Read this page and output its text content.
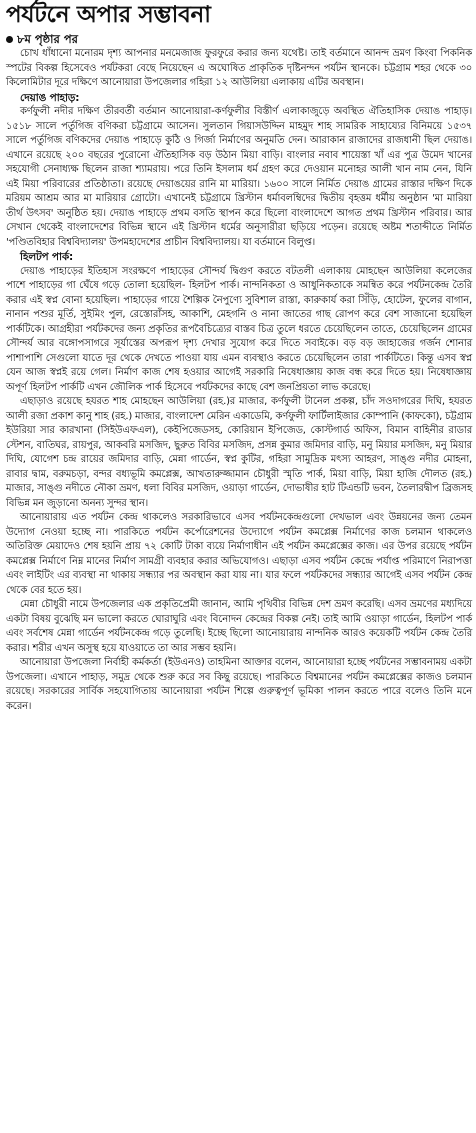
পর্যটনে অপার সম্ভাবনা
৮ম পৃষ্ঠার পর

চোখ ধাঁধানো মনোরম দৃশ্য আপনার মনমেজাজ ফুরফুরে করার জন্য যথেষ্ট। তাই বর্তমানে আনন্দ ভ্রমণ কিংবা পিকনিক স্পটের বিকল্প হিসেবেও পর্যটকরা বেছে নিয়েছেন এ অঘোষিত প্রাকৃতিক দৃষ্টিনন্দন পর্যটন স্থানকে। চট্টগ্রাম শহর থেকে ৩০ কিলোমিটার দূরে দক্ষিণে আনোয়ারা উপজেলার গহিরা ১২ আউলিয়া এলাকায় এটির অবস্থান।

দেয়াঙ পাহাড়:

কর্ণফুলী নদীর দক্ষিণ তীরবর্তী বর্তমান আনোয়ারা-কর্ণফুলীর বিস্তীর্ণ এলাকাজুড়ে অবস্থিত ঐতিহাসিক দেয়াঙ পাহাড়। ১৫১৮ সালে পর্তুগিজ বণিকরা চট্টগ্রামে আসেন। সুলতান গিয়াসউদ্দিন মাহমুদ শাহ সামরিক সাহায্যের বিনিময়ে ১৫৩৭ সালে পর্তুগিজ বণিকদের দেয়াঙ পাহাড়ে কুঠি ও গির্জা নির্মাণের অনুমতি দেন। আরাকান রাজাদের রাজধানী ছিল দেয়াঙ। এখানে রয়েছে ২০০ বছরের পুরোনো ঐতিহাসিক বড় উঠান মিয়া বাড়ি। বাংলার নবাব শায়েস্তা খাঁ এর পুত্র উমেদ খানের সহযোগী সেনাধ্যক্ষ ছিলেন রাজা শ্যামরায়। পরে তিনি ইসলাম ধর্ম গ্রহণ করে দেওয়ান মনোহর আলী খান নাম নেন, যিনি এই মিয়া পরিবারের প্রতিষ্ঠাতা। রয়েছে দেয়াঙয়ের রানি মা মারিয়া। ১৬০০ সালে নির্মিত দেয়াঙ গ্রামের রাস্তার দক্ষিণ দিকে মরিয়ম আশ্রম আর মা মারিয়ার গ্রোটো। এখানেই চট্টগ্রামে খ্রিস্টান ধর্মাবলম্বিদের দ্বিতীয় বৃহত্তম ধর্মীয় অনুষ্ঠান 'মা মারিয়া তীর্থ উৎসব' অনুষ্ঠিত হয়। দেয়াঙ পাহাড়ে প্রথম বসতি স্থাপন করে ছিলো বাংলাদেশে আগত প্রথম খ্রিস্টান পরিবার। আর সেখান থেকেই বাংলাদেশের বিভিন্ন স্থানে এই খ্রিস্টান ধর্মের অনুসারীরা ছড়িয়ে পড়েন। রয়েছে অষ্টম শতাব্দীতে নির্মিত 'পণ্ডিতবিহার বিশ্ববিদ্যালয়' উপমহাদেশের প্রাচীন বিশ্ববিদ্যালয়। যা বর্তমানে বিলুপ্ত।

হিলটপ পার্ক:

দেয়াঙ পাহাড়ের ইতিহাস সংরক্ষণে পাহাড়ের সৌন্দর্য দ্বিগুণ করতে বটতলী এলাকায় মোহছেন আউলিয়া কলেজের পাশে পাহাড়ের গা ঘেঁষে গড়ে তোলা হয়েছিল- হিলটপ পার্ক। নান্দনিকতা ও আধুনিকতাকে সমন্বিত করে পর্যটনকেন্দ্র তৈরি করার এই স্বপ্ন বোনা হয়েছিল। পাহাড়ের গায়ে শৈল্পিক নৈপুণ্যে সুবিশাল রাস্তা, কারুকার্য করা সিঁড়ি, হোটেল, ফুলের বাগান, নানান পশুর মূর্তি, সুইমিং পুল, রেস্তোরাঁসহ, আকাশি, মেহগনি ও নানা জাতের গাছ রোপণ করে বেশ সাজানো হয়েছিল পার্কটিকে। আগ্রহীরা পর্যটকদের জন্য প্রকৃতির রূপবৈচিত্র্যের বাস্তব চিত্র তুলে ধরতে চেয়েছিলেন তাতে, চেয়েছিলেন গ্রামের সৌন্দর্য আর বঙ্গোপসাগরে সূর্যাস্তের অপরূপ দৃশ্য দেখার সুযোগ করে দিতে সবাইকে। বড় বড় জাহাজের গর্জন শোনার পাশাপাশি সেগুলো যাতে দূর থেকে দেখতে পাওয়া যায় এমন ব্যবস্থাও করতে চেয়েছিলেন তারা পার্কটিতে। কিন্তু এসব স্বপ্ন যেন আজ স্বপ্নই রয়ে গেল। নির্মাণ কাজ শেষ হওয়ার আগেই সরকারি নিষেধাজ্ঞায় কাজ বন্ধ করে দিতে হয়। নিষেধাজ্ঞায় অপূর্ণ হিলটপ পার্কটি এখন জৌলিক পার্ক হিসেবে পর্যটকদের কাছে বেশ জনপ্রিয়তা লাভ করেছে।

এছাড়াও রয়েছে হযরত শাহ মোহছেন আউলিয়া (রহ.)র মাজার, কর্ণফুলী টানেল প্রকল্প, চাঁদ সওদাগরের দিঘি, হযরত আলী রজা প্রকাশ কানু শাহ (রহ.) মাজার, বাংলাদেশ মেরিন একাডেমি, কর্ণফুলী ফার্টিলাইজার কোম্পানি (কাফকো), চট্টগ্রাম ইউরিয়া সার কারখানা (সিইউএফএল), কেইপিজেডসহ, কোরিয়ান ইপিজেড, কোস্টগার্ড অফিস, বিমান বাহিনীর রাডার স্টেশন, বাতিঘর, রায়পুর, আকবরি মসজিদ, ছুরুত বিবির মসজিদ, প্রসন্ন কুমার জমিদার বাড়ি, মনু মিয়ার মসজিদ, মনু মিয়ার দিঘি, যোগেশ চন্দ্র রায়ের জমিদার বাড়ি, মেন্না গার্ডেন, স্বপ্ন কুটির, গহিরা সামুদ্রিক মৎস্য আহরণ, সাঙ্গু নদীর মোহনা, রাবার দ্বাম, বরুমচড়া, বন্দর বধ্যভূমি কমপ্লেক্স, আখতারুজ্জামান চৌধুরী স্মৃতি পার্ক, মিয়া বাড়ি, মিয়া হাজি দৌলত (রহ.) মাজার, সাঙ্গু নদীতে নৌকা ভ্রমণ, ধলা বিবির মসজিদ, ওয়াড়া গার্ডেন, দোভাষীর হাট টিএন্ডটি ভবন, তৈলারদ্বীপ ব্রিজসহ বিভিন্ন মন জুড়ানো অনন্য সুন্দর স্থান।

আনোয়ারায় এত পর্যটন কেন্দ্র থাকলেও সরকারিভাবে এসব পর্যটনকেন্দ্রগুলো দেখভাল এবং উন্নয়নের জন্য তেমন উদ্যোগ নেওয়া হচ্ছে না। পারকিতে পর্যটন কর্পোরেশনের উদ্যোগে পর্যটন কমপ্লেক্স নির্মাণের কাজ চলমান থাকলেও অতিরিক্ত মেয়াদেও শেষ হয়নি প্রায় ৭২ কোটি টাকা ব্যয়ে নির্মাণাধীন এই পর্যটন কমপ্লেক্সের কাজ। এর উপর রয়েছে পর্যটন কমপ্লেক্স নির্মাণে নিম্ন মানের নির্মাণ সামগ্রী ব্যবহার করার অভিযোগও। এছাড়া এসব পর্যটন কেন্দ্রে পর্যাপ্ত পরিমাণে নিরাপত্তা এবং লাইটিং এর ব্যবস্থা না থাকায় সন্ধ্যার পর অবস্থান করা যায় না। যার ফলে পর্যটকদের সন্ধ্যার আগেই এসব পর্যটন কেন্দ্র থেকে বের হতে হয়।

মেন্না চৌধুরী নামে উপজেলার এক প্রকৃতিপ্রেমী জানান, আমি পৃথিবীর বিভিন্ন দেশ ভ্রমণ করেছি। এসব ভ্রমণের মধ্যদিয়ে একটা বিষয় বুঝেছি মন ভালো করতে ঘোরাঘুরি এবং বিনোদন কেন্দ্রের বিকল্প নেই। তাই আমি ওয়াড়া গার্ডেন, হিলটপ পার্ক এবং সর্বশেষ মেন্না গার্ডেন পর্যটনকেন্দ্র গড়ে তুলেছি। ইচ্ছে ছিলো আনোয়ারায় নান্দনিক আরও কয়েকটি পর্যটন কেন্দ্র তৈরি করার। শরীর এখন অসুস্থ হয়ে যাওয়াতে তা আর সম্ভব হয়নি।

আনোয়ারা উপজেলা নির্বাহী কর্মকর্তা (ইউএনও) তাহমিনা আক্তার বলেন, আনোয়ারা হচ্ছে পর্যটনের সম্ভাবনাময় একটা উপজেলা। এখানে পাহাড়, সমুদ্র থেকে শুরু করে সব কিছু রয়েছে। পারকিতে বিশ্বমানের পর্যটন কমপ্লেক্সের কাজও চলমান রয়েছে। সরকারের সার্বিক সহযোগিতায় আনোয়ারা পর্যটন শিল্পে গুরুত্বপূর্ণ ভূমিকা পালন করতে পারে বলেও তিনি মনে করেন।
